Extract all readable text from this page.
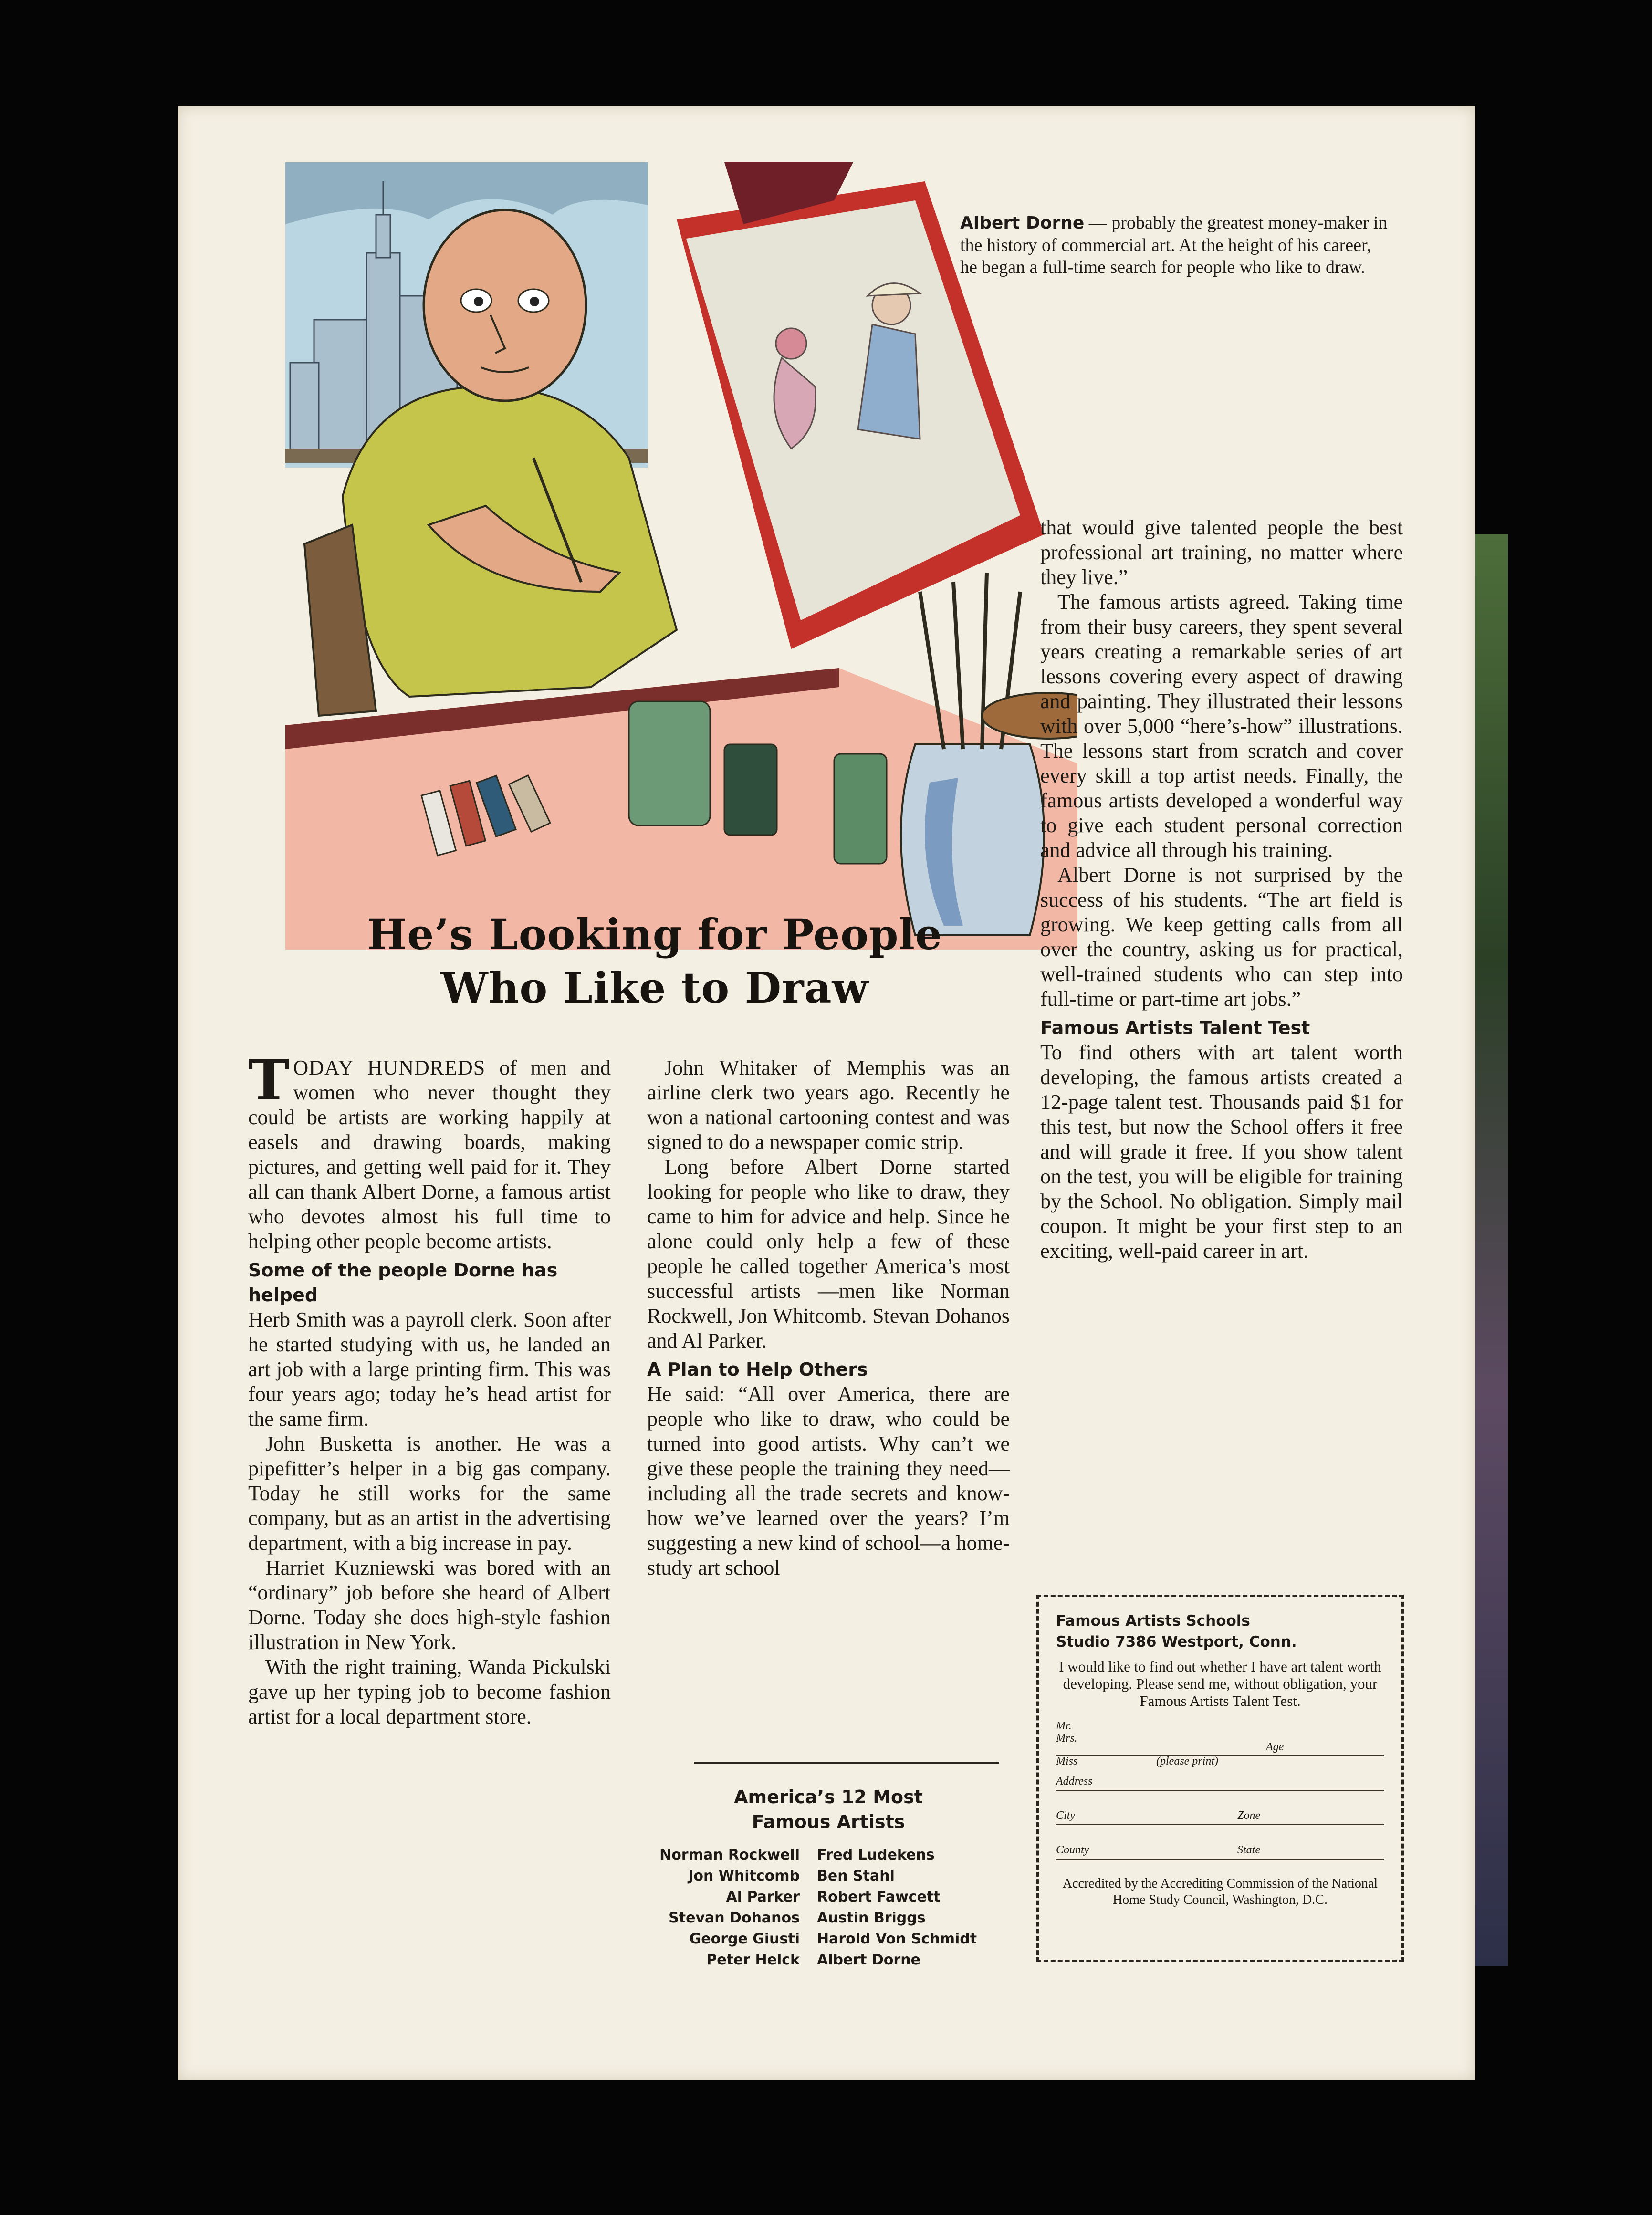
Albert Dorne — probably the greatest money-maker in the history of commercial art. At the height of his career, he began a full-time search for people who like to draw.
He’s Looking for People
Who Like to Draw

TODAY HUNDREDS of men and women who never thought they could be artists are working happily at easels and drawing boards, making pictures, and getting well paid for it. They all can thank Albert Dorne, a famous artist who devotes almost his full time to helping other people become artists.

Some of the people Dorne has helped

Herb Smith was a payroll clerk. Soon after he started studying with us, he landed an art job with a large printing firm. This was four years ago; today he’s head artist for the same firm.

John Busketta is another. He was a pipefitter’s helper in a big gas company. Today he still works for the same company, but as an artist in the advertising department, with a big increase in pay.

Harriet Kuzniewski was bored with an “ordinary” job before she heard of Albert Dorne. Today she does high-style fashion illustration in New York.

With the right training, Wanda Pickulski gave up her typing job to become fashion artist for a local department store.

John Whitaker of Memphis was an airline clerk two years ago. Recently he won a national cartooning contest and was signed to do a newspaper comic strip.

Long before Albert Dorne started looking for people who like to draw, they came to him for advice and help. Since he alone could only help a few of these people he called together America’s most successful artists —men like Norman Rockwell, Jon Whitcomb. Stevan Dohanos and Al Parker.

A Plan to Help Others

He said: “All over America, there are people who like to draw, who could be turned into good artists. Why can’t we give these people the training they need—including all the trade secrets and know-how we’ve learned over the years? I’m suggesting a new kind of school—a home-study art school

America’s 12 Most
Famous Artists
Norman Rockwell
Jon Whitcomb
Al Parker
Stevan Dohanos
George Giusti
Peter Helck
Fred Ludekens
Ben Stahl
Robert Fawcett
Austin Briggs
Harold Von Schmidt
Albert Dorne

that would give talented people the best professional art training, no matter where they live.”

The famous artists agreed. Taking time from their busy careers, they spent several years creating a remarkable series of art lessons covering every aspect of drawing and painting. They illustrated their lessons with over 5,000 “here’s-how” illustrations. The lessons start from scratch and cover every skill a top artist needs. Finally, the famous artists developed a wonderful way to give each student personal correction and advice all through his training.

Albert Dorne is not surprised by the success of his students. “The art field is growing. We keep getting calls from all over the country, asking us for practical, well-trained students who can step into full-time or part-time art jobs.”

Famous Artists Talent Test

To find others with art talent worth developing, the famous artists created a 12-page talent test. Thousands paid $1 for this test, but now the School offers it free and will grade it free. If you show talent on the test, you will be eligible for training by the School. No obligation. Simply mail coupon. It might be your first step to an exciting, well-paid career in art.

Famous Artists Schools
Studio 7386 Westport, Conn.
I would like to find out whether I have art talent worth developing. Please send me, without obligation, your Famous Artists Talent Test.
Mr.
Mrs.
Miss
Age
(please print)
Address
City	Zone
County	State
Accredited by the Accrediting Commission of the National Home Study Council, Washington, D.C.
